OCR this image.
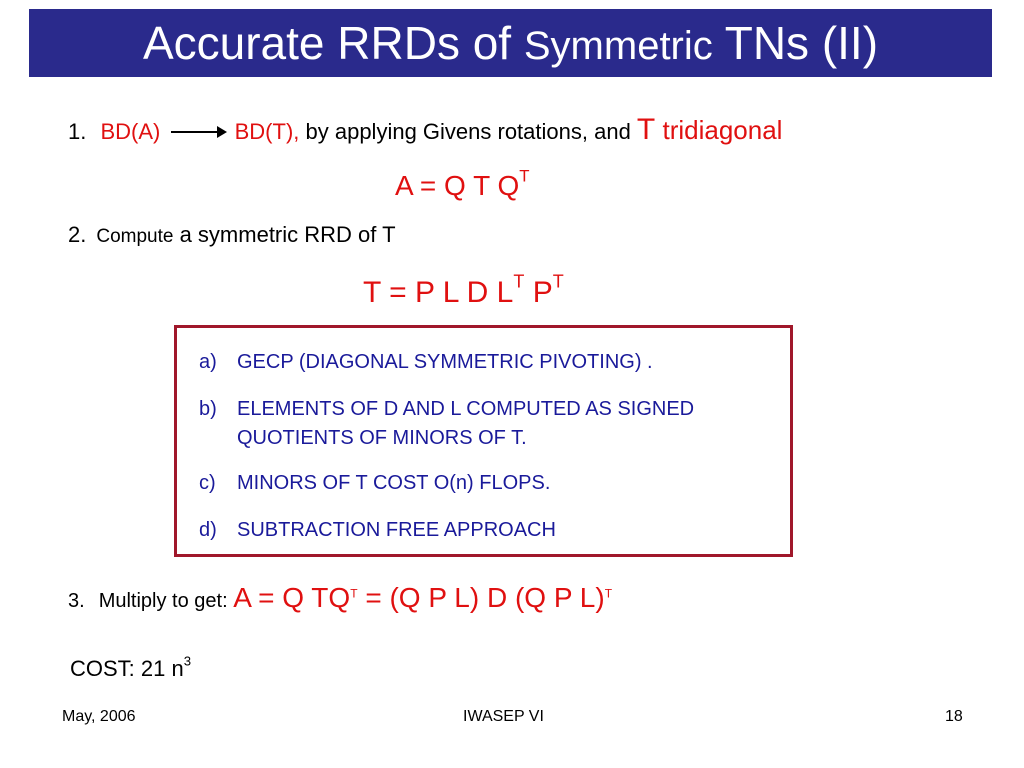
Accurate RRDs of Symmetric TNs (II)
1. BD(A)	BD(T), by applying Givens rotations, and T tridiagonal
A = Q T $Q^T$
2. Compute a symmetric RRD of T
T = P L D $L^T$ $P^T$
a)	GECP (DIAGONAL SYMMETRIC PIVOTING) .
b)	ELEMENTS OF D AND L COMPUTED AS SIGNED QUOTIENTS OF MINORS OF T.
c)	MINORS OF T COST O(n) FLOPS.
d)	SUBTRACTION FREE APPROACH
3. Multiply to get: A = Q $TQ^T = (Q$ P L) D (Q P L)$^T$
COST: 21 $n^3$
May, 2006	IWASEP VI	18
